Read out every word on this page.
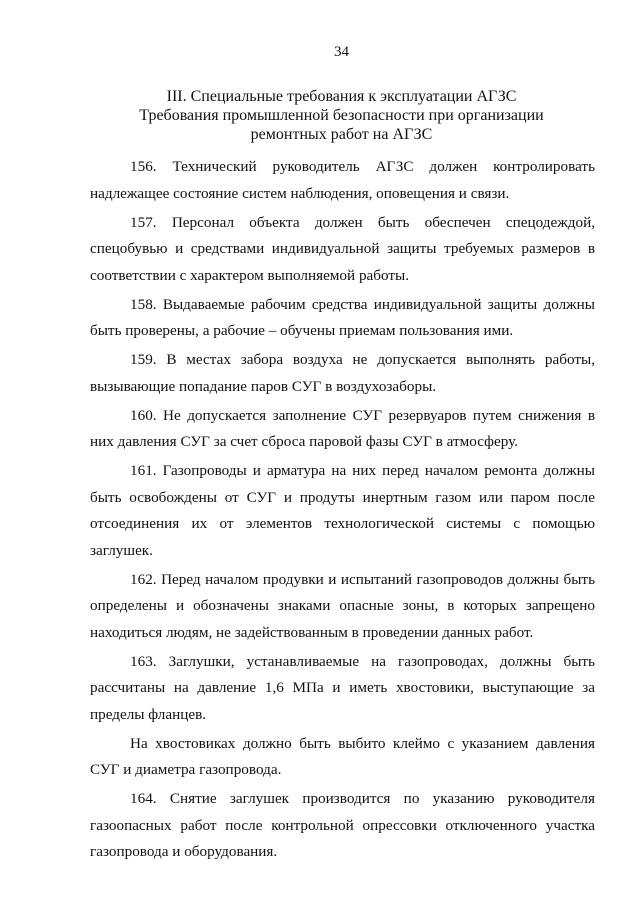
34
III. Специальные требования к эксплуатации АГЗС
Требования промышленной безопасности при организации
ремонтных работ на АГЗС

156. Технический руководитель АГЗС должен контролировать надлежащее состояние систем наблюдения, оповещения и связи.

157. Персонал объекта должен быть обеспечен спецодеждой, спецобувью и средствами индивидуальной защиты требуемых размеров в соответствии с характером выполняемой работы.

158. Выдаваемые рабочим средства индивидуальной защиты должны быть проверены, а рабочие – обучены приемам пользования ими.

159. В местах забора воздуха не допускается выполнять работы, вызывающие попадание паров СУГ в воздухозаборы.

160. Не допускается заполнение СУГ резервуаров путем снижения в них давления СУГ за счет сброса паровой фазы СУГ в атмосферу.

161. Газопроводы и арматура на них перед началом ремонта должны быть освобождены от СУГ и продуты инертным газом или паром после отсоединения их от элементов технологической системы с помощью заглушек.

162. Перед началом продувки и испытаний газопроводов должны быть определены и обозначены знаками опасные зоны, в которых запрещено находиться людям, не задействованным в проведении данных работ.

163. Заглушки, устанавливаемые на газопроводах, должны быть рассчитаны на давление 1,6 МПа и иметь хвостовики, выступающие за пределы фланцев.

На хвостовиках должно быть выбито клеймо с указанием давления СУГ и диаметра газопровода.

164. Снятие заглушек производится по указанию руководителя газоопасных работ после контрольной опрессовки отключенного участка газопровода и оборудования.
